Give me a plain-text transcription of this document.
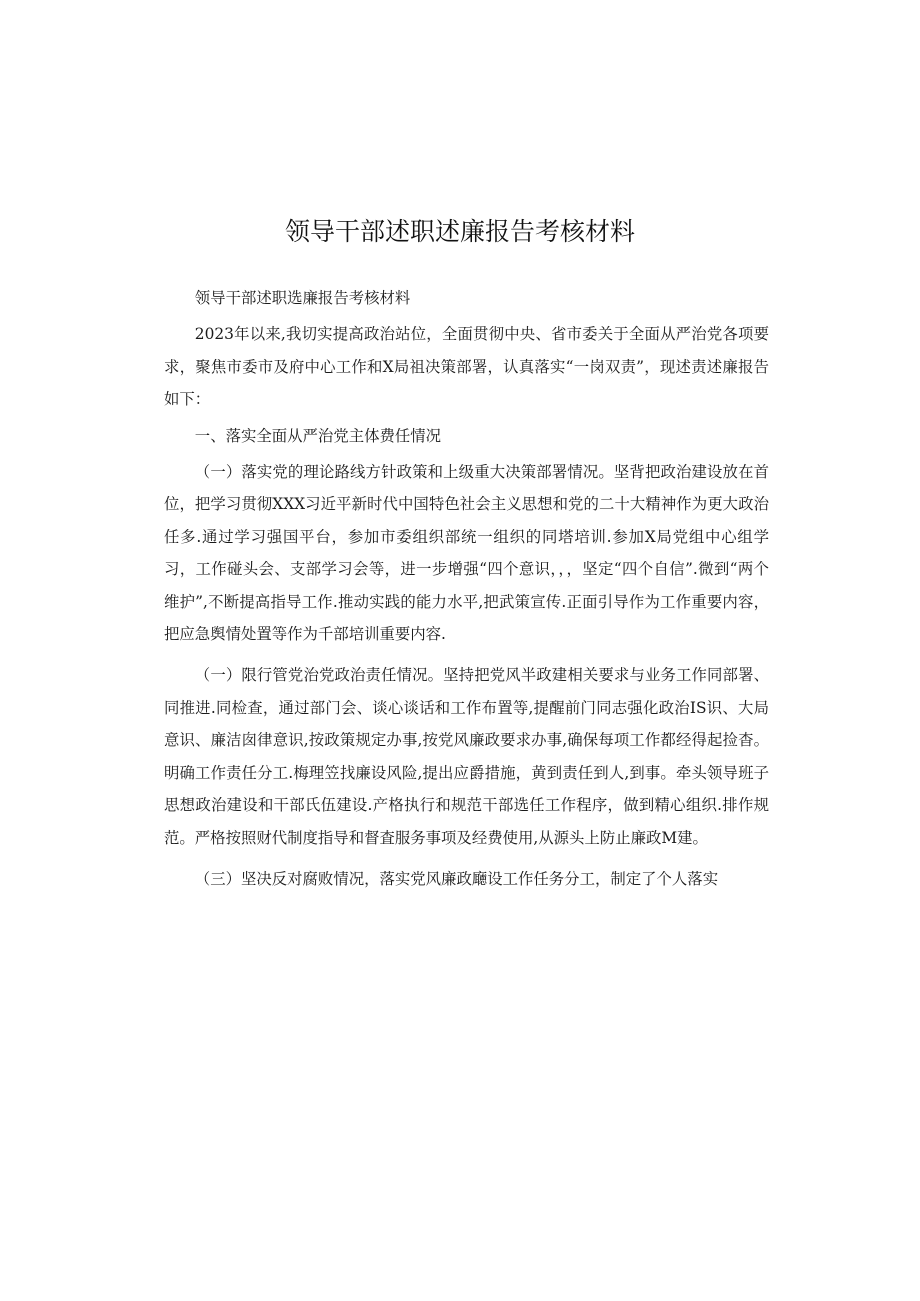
领导干部述职述廉报告考核材料

领导干部述职选廉报告考核材料

2023年以来,我切实提高政治站位，全面贯彻中央、省市委关于全面从严治党各项要求，聚焦市委市及府中心工作和X局祖决策部署，认真落实“一岗双责”，现述责述廉报告如下：

一、落实全面从严治党主体费任情况

（一）落实党的理论路线方针政策和上级重大决策部署情况。坚背把政治建设放在首位，把学习贯彻XXX习近平新时代中国特色社会主义思想和党的二十大精神作为更大政治任多.通过学习强国平台，参加市委组织部统一组织的同塔培训.参加X局党组中心组学习，工作碰头会、支部学习会等，进一步增强“四个意识，，，坚定“四个自信”.微到“两个维护”,不断提高指导工作.推动实践的能力水平,把武策宣传.正面引导作为工作重要内容，把应急舆情处置等作为千部培训重要内容.

（一）限行管党治党政治责任情况。坚持把党风半政建相关要求与业务工作同部署、同推进.同检查，通过部门会、谈心谈话和工作布置等,提醒前门同志强化政治IS识、大局意识、廉洁囱律意识,按政策规定办事,按党风廉政要求办事,确保每项工作都经得起捡杳。明确工作责任分工.梅理笠找廉设风险,提出应爵措施，黄到责任到人,到事。牵头领导班子思想政治建设和干部氏伍建设.产格执行和规范干部选任工作程序，做到精心组织.排作规范。严格按照财代制度指导和督査服务事项及经费使用,从源头上防止廉政M建。

（三）坚决反对腐败情况，落实党风廉政廰设工作任务分工，制定了个人落实
